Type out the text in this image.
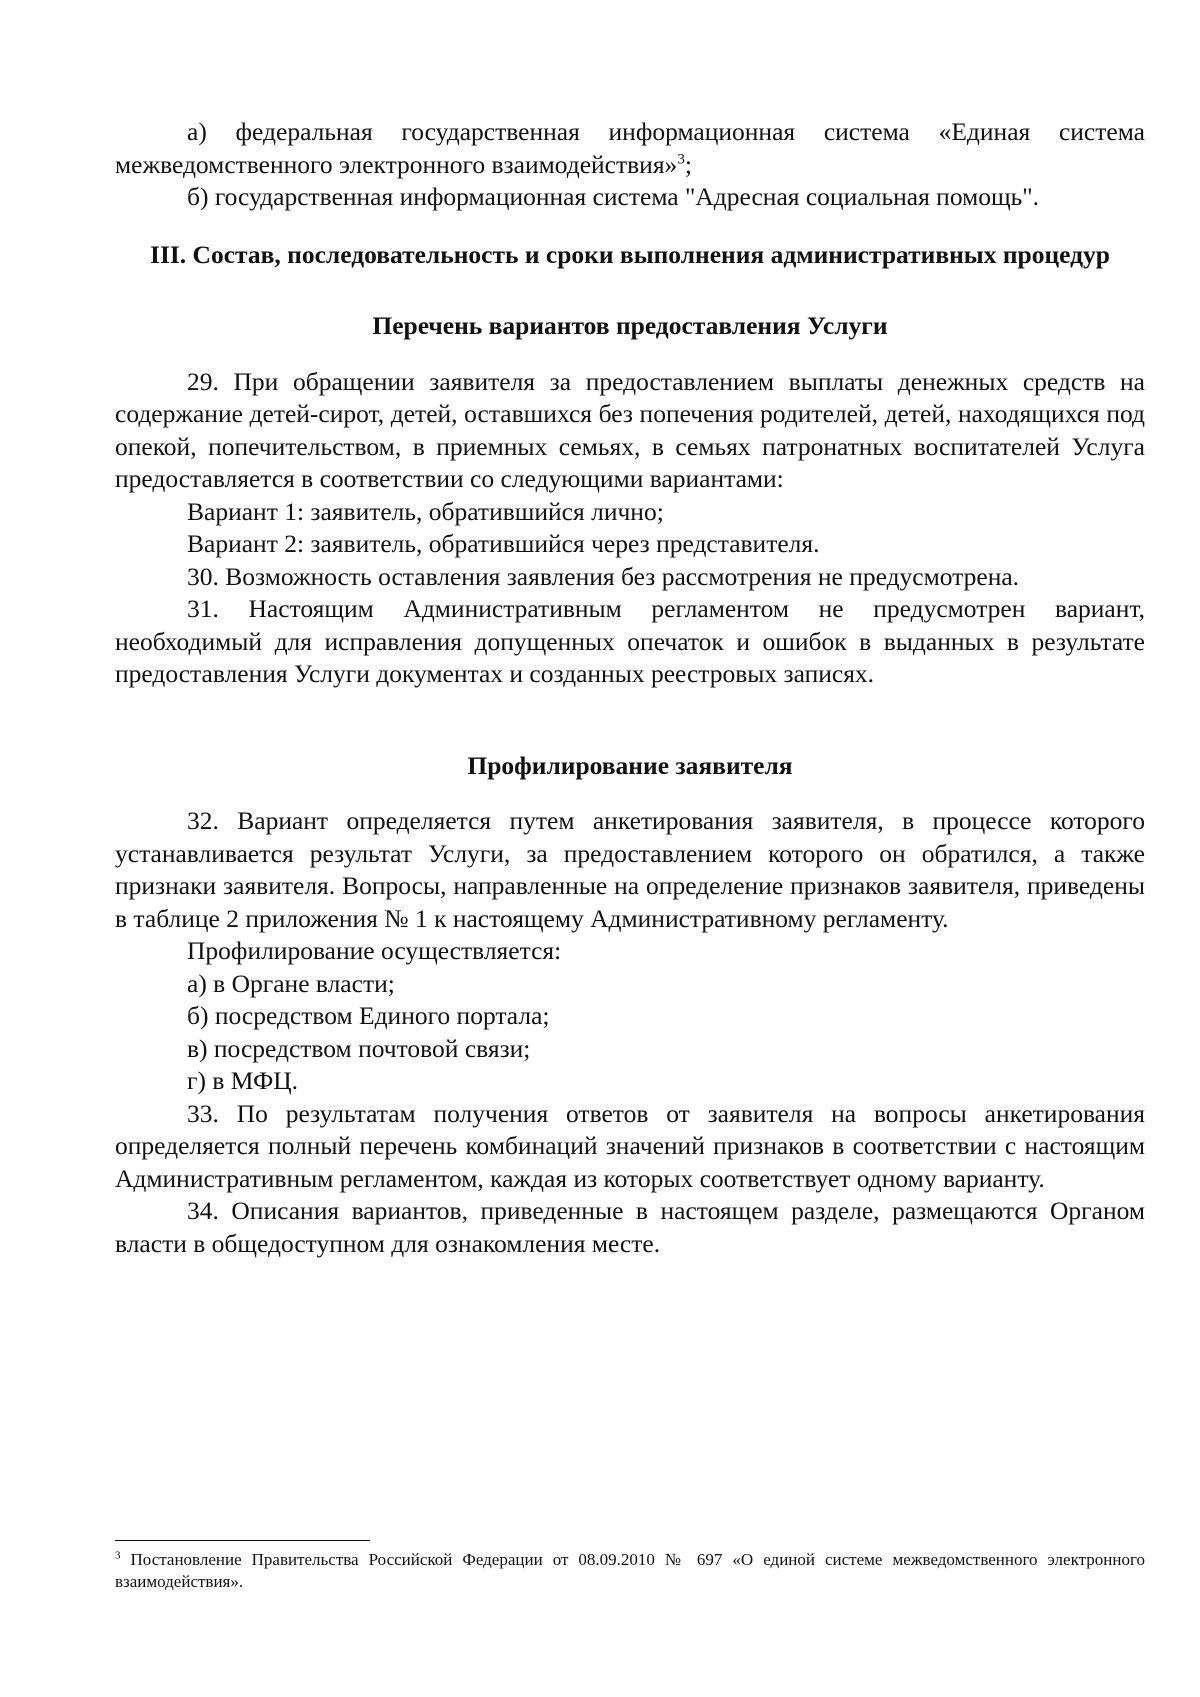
а) федеральная государственная информационная система «Единая система межведомственного электронного взаимодействия»$^3$;

б) государственная информационная система "Адресная социальная помощь".

III. Состав, последовательность и сроки выполнения административных процедур

Перечень вариантов предоставления Услуги

29. При обращении заявителя за предоставлением выплаты денежных средств на содержание детей-сирот, детей, оставшихся без попечения родителей, детей, находящихся под опекой, попечительством, в приемных семьях, в семьях патронатных воспитателей Услуга предоставляется в соответствии со следующими вариантами:

Вариант 1: заявитель, обратившийся лично;

Вариант 2: заявитель, обратившийся через представителя.

30. Возможность оставления заявления без рассмотрения не предусмотрена.

31. Настоящим Административным регламентом не предусмотрен вариант, необходимый для исправления допущенных опечаток и ошибок в выданных в результате предоставления Услуги документах и созданных реестровых записях.

Профилирование заявителя

32. Вариант определяется путем анкетирования заявителя, в процессе которого устанавливается результат Услуги, за предоставлением которого он обратился, а также признаки заявителя. Вопросы, направленные на определение признаков заявителя, приведены в таблице 2 приложения № 1 к настоящему Административному регламенту.

Профилирование осуществляется:

а) в Органе власти;

б) посредством Единого портала;

в) посредством почтовой связи;

г) в МФЦ.

33. По результатам получения ответов от заявителя на вопросы анкетирования определяется полный перечень комбинаций значений признаков в соответствии с настоящим Административным регламентом, каждая из которых соответствует одному варианту.

34. Описания вариантов, приведенные в настоящем разделе, размещаются Органом власти в общедоступном для ознакомления месте.

$^3$ Постановление Правительства Российской Федерации от 08.09.2010 № 697 «О единой системе межведомственного электронного взаимодействия».
